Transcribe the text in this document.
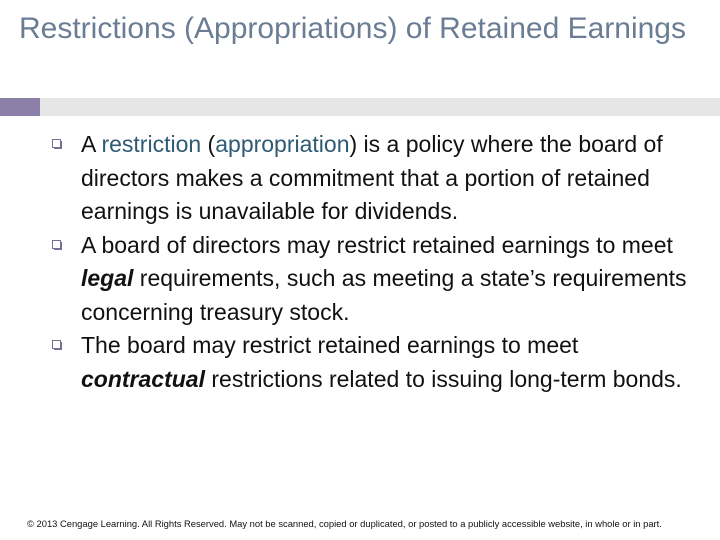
Restrictions (Appropriations) of Retained Earnings
A restriction (appropriation) is a policy where the board of directors makes a commitment that a portion of retained earnings is unavailable for dividends.
A board of directors may restrict retained earnings to meet legal requirements, such as meeting a state’s requirements concerning treasury stock.
The board may restrict retained earnings to meet contractual restrictions related to issuing long-term bonds.
© 2013 Cengage Learning. All Rights Reserved. May not be scanned, copied or duplicated, or posted to a publicly accessible website, in whole or in part.
